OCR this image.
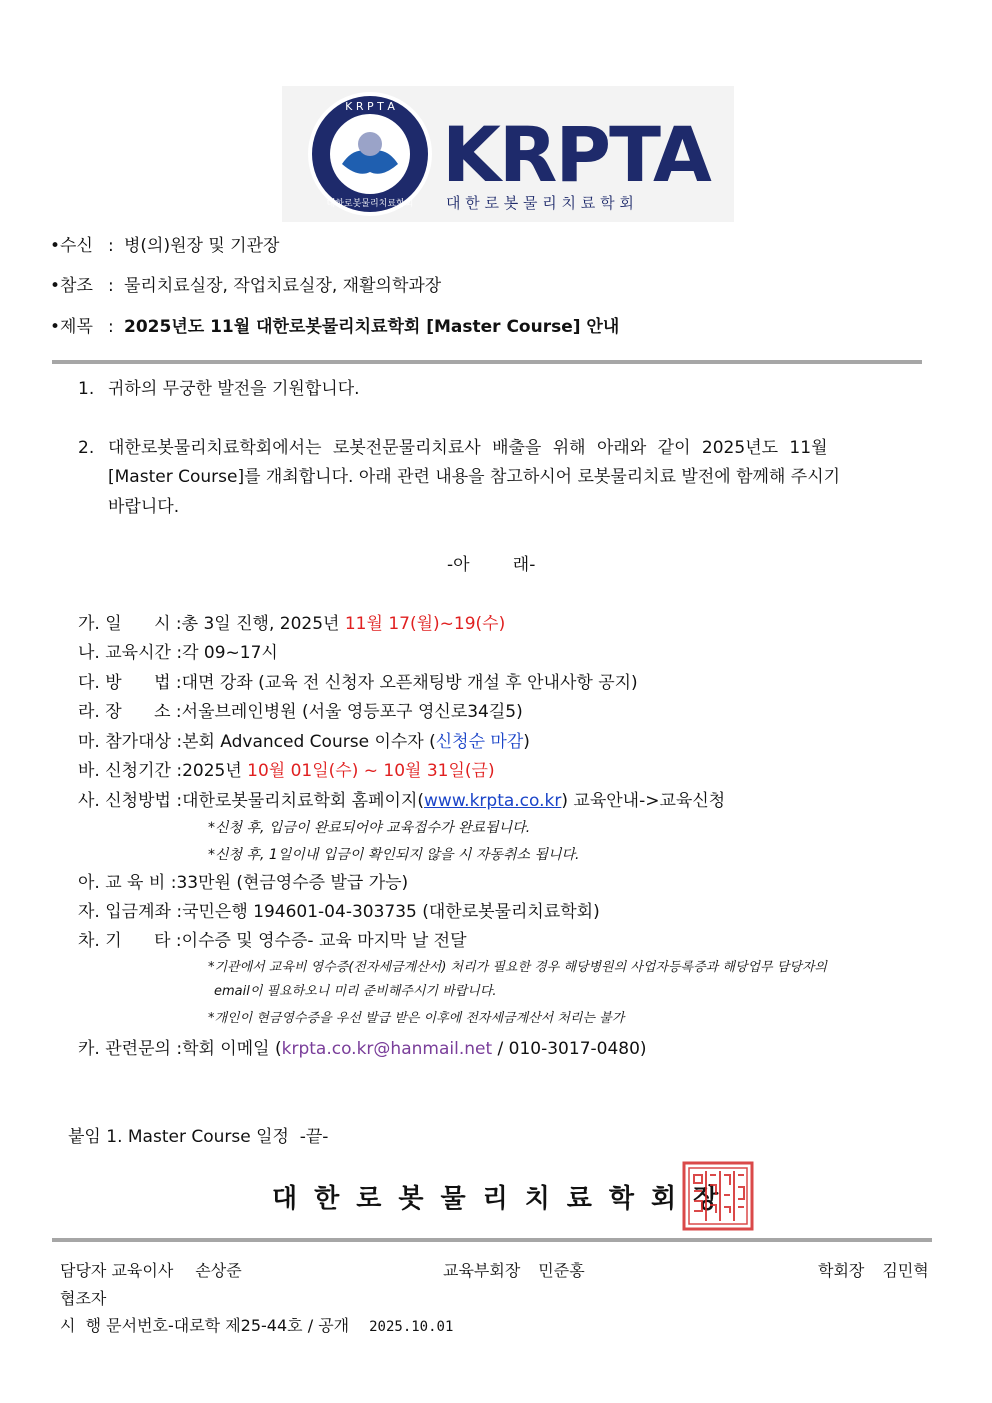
K R P T A
대한로봇물리치료학회
KRPTA
대 한 로 봇 물 리 치 료 학 회
•수신 : 병(의)원장 및 기관장
•참조 : 물리치료실장, 작업치료실장, 재활의학과장
•제목 : 2025년도 11월 대한로봇물리치료학회 [Master Course] 안내
1. 귀하의 무궁한 발전을 기원합니다.
2. 대한로봇물리치료학회에서는 로봇전문물리치료사 배출을 위해 아래와 같이 2025년도 11월
[Master Course]를 개최합니다. 아래 관련 내용을 참고하시어 로봇물리치료 발전에 함께해 주시기
바랍니다.
-아        래-
가. 일      시 :총 3일 진행, 2025년 11월 17(월)~19(수)
나. 교육시간 :각 09~17시
다. 방      법 :대면 강좌 (교육 전 신청자 오픈채팅방 개설 후 안내사항 공지)
라. 장      소 :서울브레인병원 (서울 영등포구 영신로34길5)
마. 참가대상 :본회 Advanced Course 이수자 (신청순 마감)
바. 신청기간 :2025년 10월 01일(수) ~ 10월 31일(금)
사. 신청방법 :대한로봇물리치료학회 홈페이지(www.krpta.co.kr) 교육안내->교육신청
*신청 후, 입금이 완료되어야 교육접수가 완료됩니다.
*신청 후, 1일이내 입금이 확인되지 않을 시 자동취소 됩니다.
아. 교 육 비 :33만원 (현금영수증 발급 가능)
자. 입금계좌 :국민은행 194601-04-303735 (대한로봇물리치료학회)
차. 기      타 :이수증 및 영수증- 교육 마지막 날 전달
*기관에서 교육비 영수증(전자세금계산서) 처리가 필요한 경우 해당병원의 사업자등록증과 해당업무 담당자의
email이 필요하오니 미리 준비해주시기 바랍니다.
*개인이 현금영수증을 우선 발급 받은 이후에 전자세금계산서 처리는 불가
카. 관련문의 :학회 이메일 (krpta.co.kr@hanmail.net / 010-3017-0480)
붙임 1. Master Course 일정  -끝-
대한로봇물리치료학회장
담당자 교육이사 손상준	교육부회장 민준홍	학회장 김민혁
협조자
시  행 문서번호-대로학 제25-44호 / 공개 2025.10.01
